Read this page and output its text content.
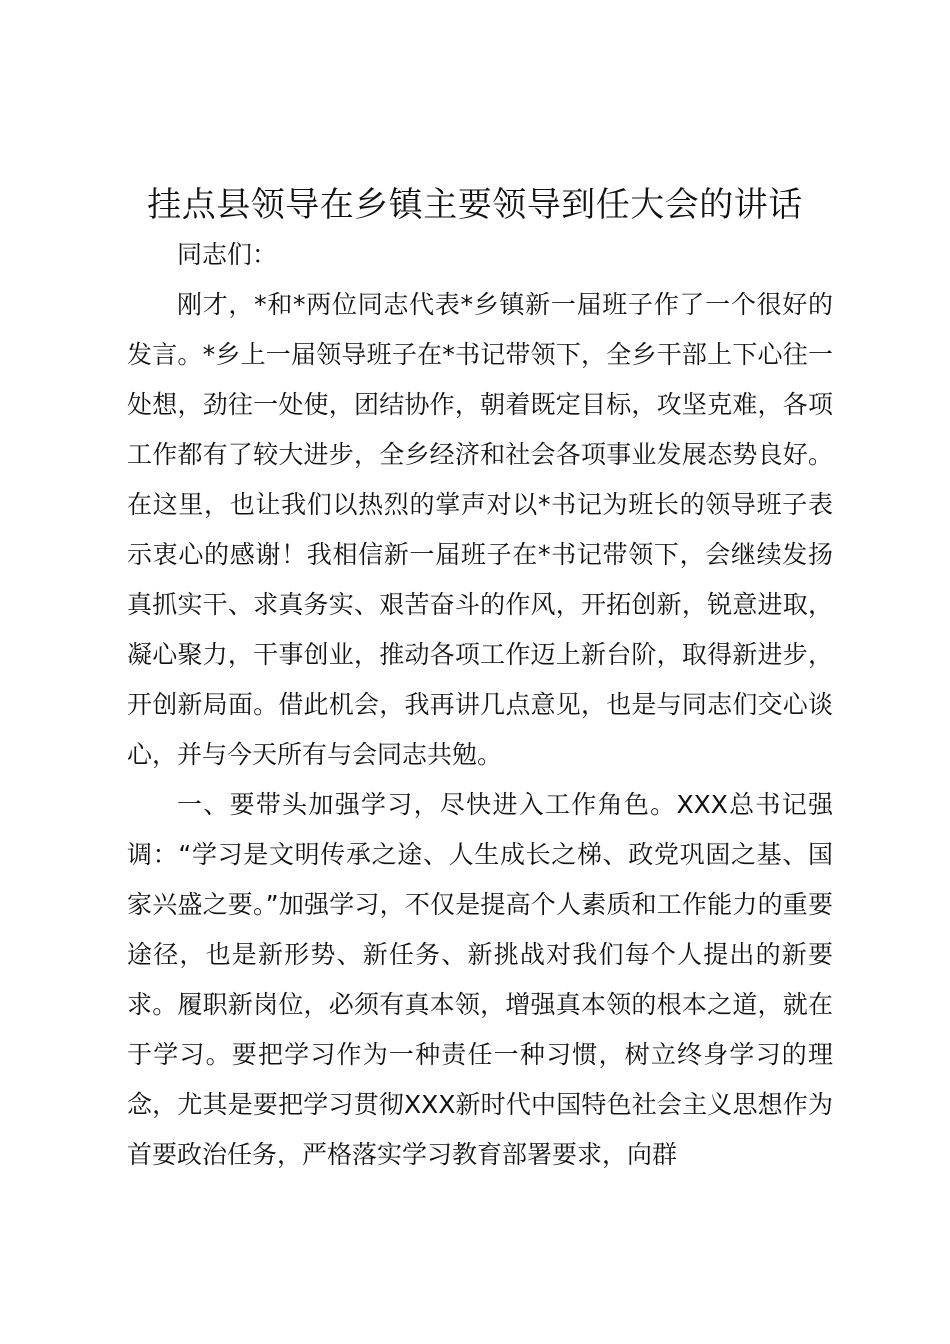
挂点县领导在乡镇主要领导到任大会的讲话

同志们：

刚才，*和*两位同志代表*乡镇新一届班子作了一个很好的发言。*乡上一届领导班子在*书记带领下，全乡干部上下心往一处想，劲往一处使，团结协作，朝着既定目标，攻坚克难，各项工作都有了较大进步，全乡经济和社会各项事业发展态势良好。在这里，也让我们以热烈的掌声对以*书记为班长的领导班子表示衷心的感谢！我相信新一届班子在*书记带领下，会继续发扬真抓实干、求真务实、艰苦奋斗的作风，开拓创新，锐意进取，凝心聚力，干事创业，推动各项工作迈上新台阶，取得新进步，开创新局面。借此机会，我再讲几点意见，也是与同志们交心谈心，并与今天所有与会同志共勉。

一、要带头加强学习，尽快进入工作角色。XXX总书记强调：“学习是文明传承之途、人生成长之梯、政党巩固之基、国家兴盛之要。”加强学习，不仅是提高个人素质和工作能力的重要途径，也是新形势、新任务、新挑战对我们每个人提出的新要求。履职新岗位，必须有真本领，增强真本领的根本之道，就在于学习。要把学习作为一种责任一种习惯，树立终身学习的理念，尤其是要把学习贯彻XXX新时代中国特色社会主义思想作为首要政治任务，严格落实学习教育部署要求，向群
